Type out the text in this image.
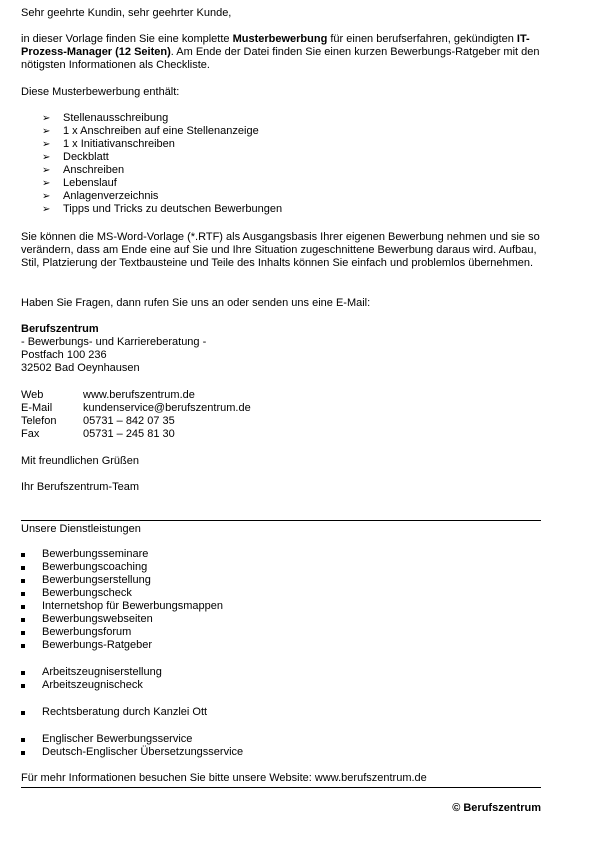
Sehr geehrte Kundin, sehr geehrter Kunde,

in dieser Vorlage finden Sie eine komplette Musterbewerbung für einen berufserfahren, gekündigten IT-Prozess-Manager (12 Seiten). Am Ende der Datei finden Sie einen kurzen Bewerbungs-Ratgeber mit den nötigsten Informationen als Checkliste.

Diese Musterbewerbung enthält:

➢ Stellenausschreibung
➢ 1 x Anschreiben auf eine Stellenanzeige
➢ 1 x Initiativanschreiben
➢ Deckblatt
➢ Anschreiben
➢ Lebenslauf
➢ Anlagenverzeichnis
➢ Tipps und Tricks zu deutschen Bewerbungen

Sie können die MS-Word-Vorlage (*.RTF) als Ausgangsbasis Ihrer eigenen Bewerbung nehmen und sie so verändern, dass am Ende eine auf Sie und Ihre Situation zugeschnittene Bewerbung daraus wird. Aufbau, Stil, Platzierung der Textbausteine und Teile des Inhalts können Sie einfach und problemlos übernehmen.

Haben Sie Fragen, dann rufen Sie uns an oder senden uns eine E-Mail:

Berufszentrum
- Bewerbungs- und Karriereberatung -
Postfach 100 236
32502 Bad Oeynhausen
Web	www.berufszentrum.de
E-Mail	kundenservice@berufszentrum.de
Telefon	05731 – 842 07 35
Fax	05731 – 245 81 30

Mit freundlichen Grüßen

Ihr Berufszentrum-Team

Unsere Dienstleistungen

Bewerbungsseminare
Bewerbungscoaching
Bewerbungserstellung
Bewerbungscheck
Internetshop für Bewerbungsmappen
Bewerbungswebseiten
Bewerbungsforum
Bewerbungs-Ratgeber
Arbeitszeugniserstellung
Arbeitszeugnischeck
Rechtsberatung durch Kanzlei Ott
Englischer Bewerbungsservice
Deutsch-Englischer Übersetzungsservice

Für mehr Informationen besuchen Sie bitte unsere Website: www.berufszentrum.de

© Berufszentrum
